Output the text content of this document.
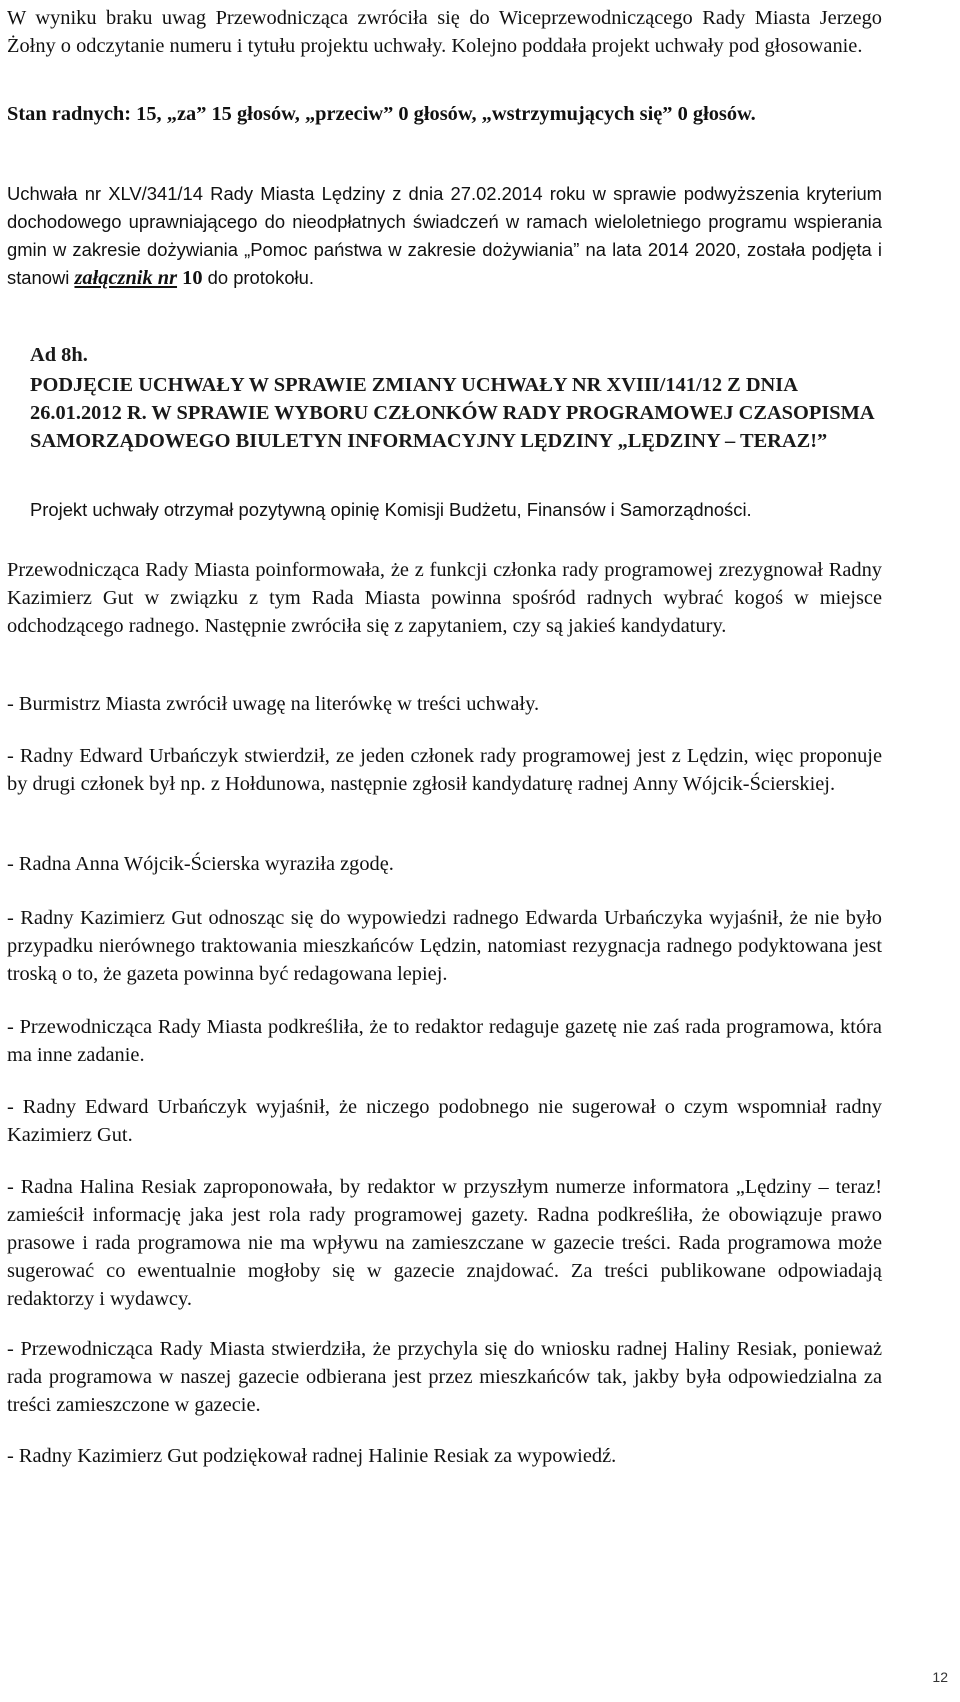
W wyniku braku uwag Przewodnicząca zwróciła się do Wiceprzewodniczącego Rady Miasta Jerzego Żołny o odczytanie numeru i tytułu projektu uchwały. Kolejno poddała projekt uchwały pod głosowanie.

Stan radnych: 15, „za” 15 głosów, „przeciw” 0 głosów, „wstrzymujących się” 0 głosów.

Uchwała nr XLV/341/14 Rady Miasta Lędziny z dnia 27.02.2014 roku w sprawie podwyższenia kryterium dochodowego uprawniającego do nieodpłatnych świadczeń w ramach wieloletniego programu wspierania gmin w zakresie dożywiania „Pomoc państwa w zakresie dożywiania” na lata 2014 2020, została podjęta i stanowi załącznik nr 10 do protokołu.

Ad 8h.
PODJĘCIE UCHWAŁY W SPRAWIE ZMIANY UCHWAŁY NR XVIII/141/12 Z DNIA 26.01.2012 R. W SPRAWIE WYBORU CZŁONKÓW RADY PROGRAMOWEJ CZASOPISMA SAMORZĄDOWEGO BIULETYN INFORMACYJNY LĘDZINY „LĘDZINY – TERAZ!”

Projekt uchwały otrzymał pozytywną opinię Komisji Budżetu, Finansów i Samorządności.

Przewodnicząca Rady Miasta poinformowała, że z funkcji członka rady programowej zrezygnował Radny Kazimierz Gut w związku z tym Rada Miasta powinna spośród radnych wybrać kogoś w miejsce odchodzącego radnego. Następnie zwróciła się z zapytaniem, czy są jakieś kandydatury.

- Burmistrz Miasta zwrócił uwagę na literówkę w treści uchwały.

- Radny Edward Urbańczyk stwierdził, ze jeden członek rady programowej jest z Lędzin, więc proponuje by drugi członek był np. z Hołdunowa, następnie zgłosił kandydaturę radnej Anny Wójcik-Ścierskiej.

- Radna Anna Wójcik-Ścierska wyraziła zgodę.

- Radny Kazimierz Gut odnosząc się do wypowiedzi radnego Edwarda Urbańczyka wyjaśnił, że nie było przypadku nierównego traktowania mieszkańców Lędzin, natomiast rezygnacja radnego podyktowana jest troską o to, że gazeta powinna być redagowana lepiej.

- Przewodnicząca Rady Miasta podkreśliła, że to redaktor redaguje gazetę nie zaś rada programowa, która ma inne zadanie.

- Radny Edward Urbańczyk wyjaśnił, że niczego podobnego nie sugerował o czym wspomniał radny Kazimierz Gut.

- Radna Halina Resiak zaproponowała, by redaktor w przyszłym numerze informatora „Lędziny – teraz! zamieścił informację jaka jest rola rady programowej gazety. Radna podkreśliła, że obowiązuje prawo prasowe i rada programowa nie ma wpływu na zamieszczane w gazecie treści. Rada programowa może sugerować co ewentualnie mogłoby się w gazecie znajdować. Za treści publikowane odpowiadają redaktorzy i wydawcy.

- Przewodnicząca Rady Miasta stwierdziła, że przychyla się do wniosku radnej Haliny Resiak, ponieważ rada programowa w naszej gazecie odbierana jest przez mieszkańców tak, jakby była odpowiedzialna za treści zamieszczone w gazecie.

- Radny Kazimierz Gut podziękował radnej Halinie Resiak za wypowiedź.

12
